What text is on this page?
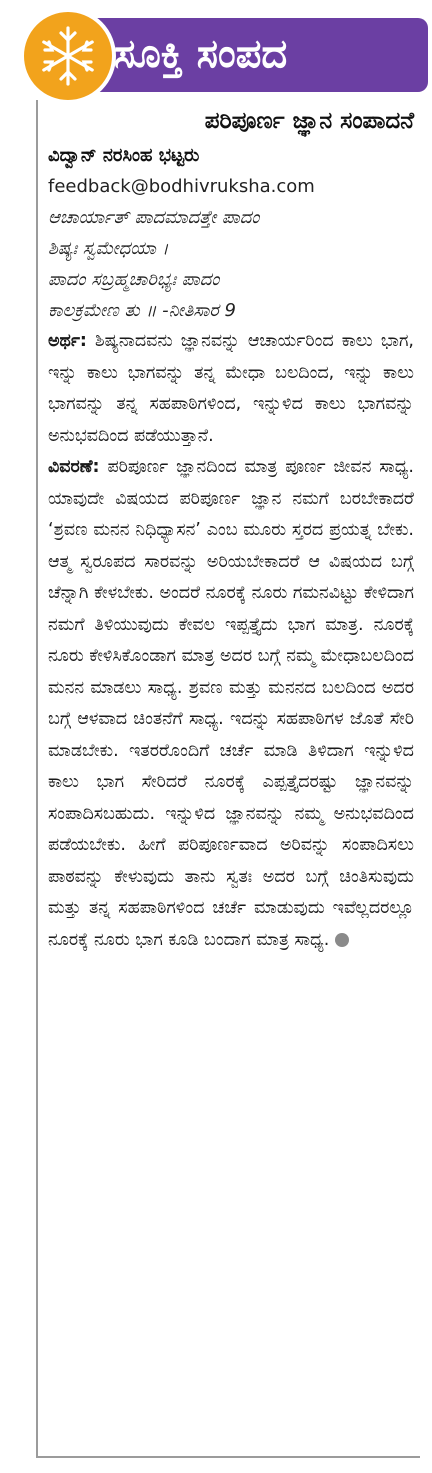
ಸೂಕ್ತಿ ಸಂಪದ

ಪರಿಪೂರ್ಣ ಜ್ಞಾನ ಸಂಪಾದನೆ

ವಿದ್ವಾನ್ ನರಸಿಂಹ ಭಟ್ಟರು

feedback@bodhivruksha.com

ಆಚಾರ್ಯಾತ್ ಪಾದಮಾದತ್ತೇ ಪಾದಂ

ಶಿಷ್ಯಃ ಸ್ವಮೇಧಯಾ ।

ಪಾದಂ ಸಬ್ರಹ್ಮಚಾರಿಭ್ಯಃ ಪಾದಂ

ಕಾಲಕ್ರಮೇಣ ತು ॥ -ನೀತಿಸಾರ 9

ಅರ್ಥ: ಶಿಷ್ಯನಾದವನು ಜ್ಞಾನವನ್ನು ಆಚಾರ್ಯರಿಂದ ಕಾಲು ಭಾಗ, ಇನ್ನು ಕಾಲು ಭಾಗವನ್ನು ತನ್ನ ಮೇಧಾ ಬಲದಿಂದ, ಇನ್ನು ಕಾಲು ಭಾಗವನ್ನು ತನ್ನ ಸಹಪಾಠಿಗಳಿಂದ, ಇನ್ನುಳಿದ ಕಾಲು ಭಾಗವನ್ನು ಅನುಭವದಿಂದ ಪಡೆಯುತ್ತಾನೆ.

ವಿವರಣೆ: ಪರಿಪೂರ್ಣ ಜ್ಞಾನದಿಂದ ಮಾತ್ರ ಪೂರ್ಣ ಜೀವನ ಸಾಧ್ಯ. ಯಾವುದೇ ವಿಷಯದ ಪರಿಪೂರ್ಣ ಜ್ಞಾನ ನಮಗೆ ಬರಬೇಕಾದರೆ ‘ಶ್ರವಣ ಮನನ ನಿಧಿಧ್ಯಾಸನ’ ಎಂಬ ಮೂರು ಸ್ತರದ ಪ್ರಯತ್ನ ಬೇಕು. ಆತ್ಮ ಸ್ವರೂಪದ ಸಾರವನ್ನು ಅರಿಯಬೇಕಾದರೆ ಆ ವಿಷಯದ ಬಗ್ಗೆ ಚೆನ್ನಾಗಿ ಕೇಳಬೇಕು. ಅಂದರೆ ನೂರಕ್ಕೆ ನೂರು ಗಮನವಿಟ್ಟು ಕೇಳಿದಾಗ ನಮಗೆ ತಿಳಿಯುವುದು ಕೇವಲ ಇಪ್ಪತ್ತೈದು ಭಾಗ ಮಾತ್ರ. ನೂರಕ್ಕೆ ನೂರು ಕೇಳಿಸಿಕೊಂಡಾಗ ಮಾತ್ರ ಅದರ ಬಗ್ಗೆ ನಮ್ಮ ಮೇಧಾಬಲದಿಂದ ಮನನ ಮಾಡಲು ಸಾಧ್ಯ. ಶ್ರವಣ ಮತ್ತು ಮನನದ ಬಲದಿಂದ ಅದರ ಬಗ್ಗೆ ಆಳವಾದ ಚಿಂತನೆಗೆ ಸಾಧ್ಯ. ಇದನ್ನು ಸಹಪಾಠಿಗಳ ಜೊತೆ ಸೇರಿ ಮಾಡಬೇಕು. ಇತರರೊಂದಿಗೆ ಚರ್ಚೆ ಮಾಡಿ ತಿಳಿದಾಗ ಇನ್ನುಳಿದ ಕಾಲು ಭಾಗ ಸೇರಿದರೆ ನೂರಕ್ಕೆ ಎಪ್ಪತ್ತೈದರಷ್ಟು ಜ್ಞಾನವನ್ನು ಸಂಪಾದಿಸಬಹುದು. ಇನ್ನುಳಿದ ಜ್ಞಾನವನ್ನು ನಮ್ಮ ಅನುಭವದಿಂದ ಪಡೆಯಬೇಕು. ಹೀಗೆ ಪರಿಪೂರ್ಣವಾದ ಅರಿವನ್ನು ಸಂಪಾದಿಸಲು ಪಾಠವನ್ನು ಕೇಳುವುದು ತಾನು ಸ್ವತಃ ಅದರ ಬಗ್ಗೆ ಚಿಂತಿಸುವುದು ಮತ್ತು ತನ್ನ ಸಹಪಾಠಿಗಳಿಂದ ಚರ್ಚೆ ಮಾಡುವುದು ಇವೆಲ್ಲದರಲ್ಲೂ ನೂರಕ್ಕೆ ನೂರು ಭಾಗ ಕೂಡಿ ಬಂದಾಗ ಮಾತ್ರ ಸಾಧ್ಯ.
